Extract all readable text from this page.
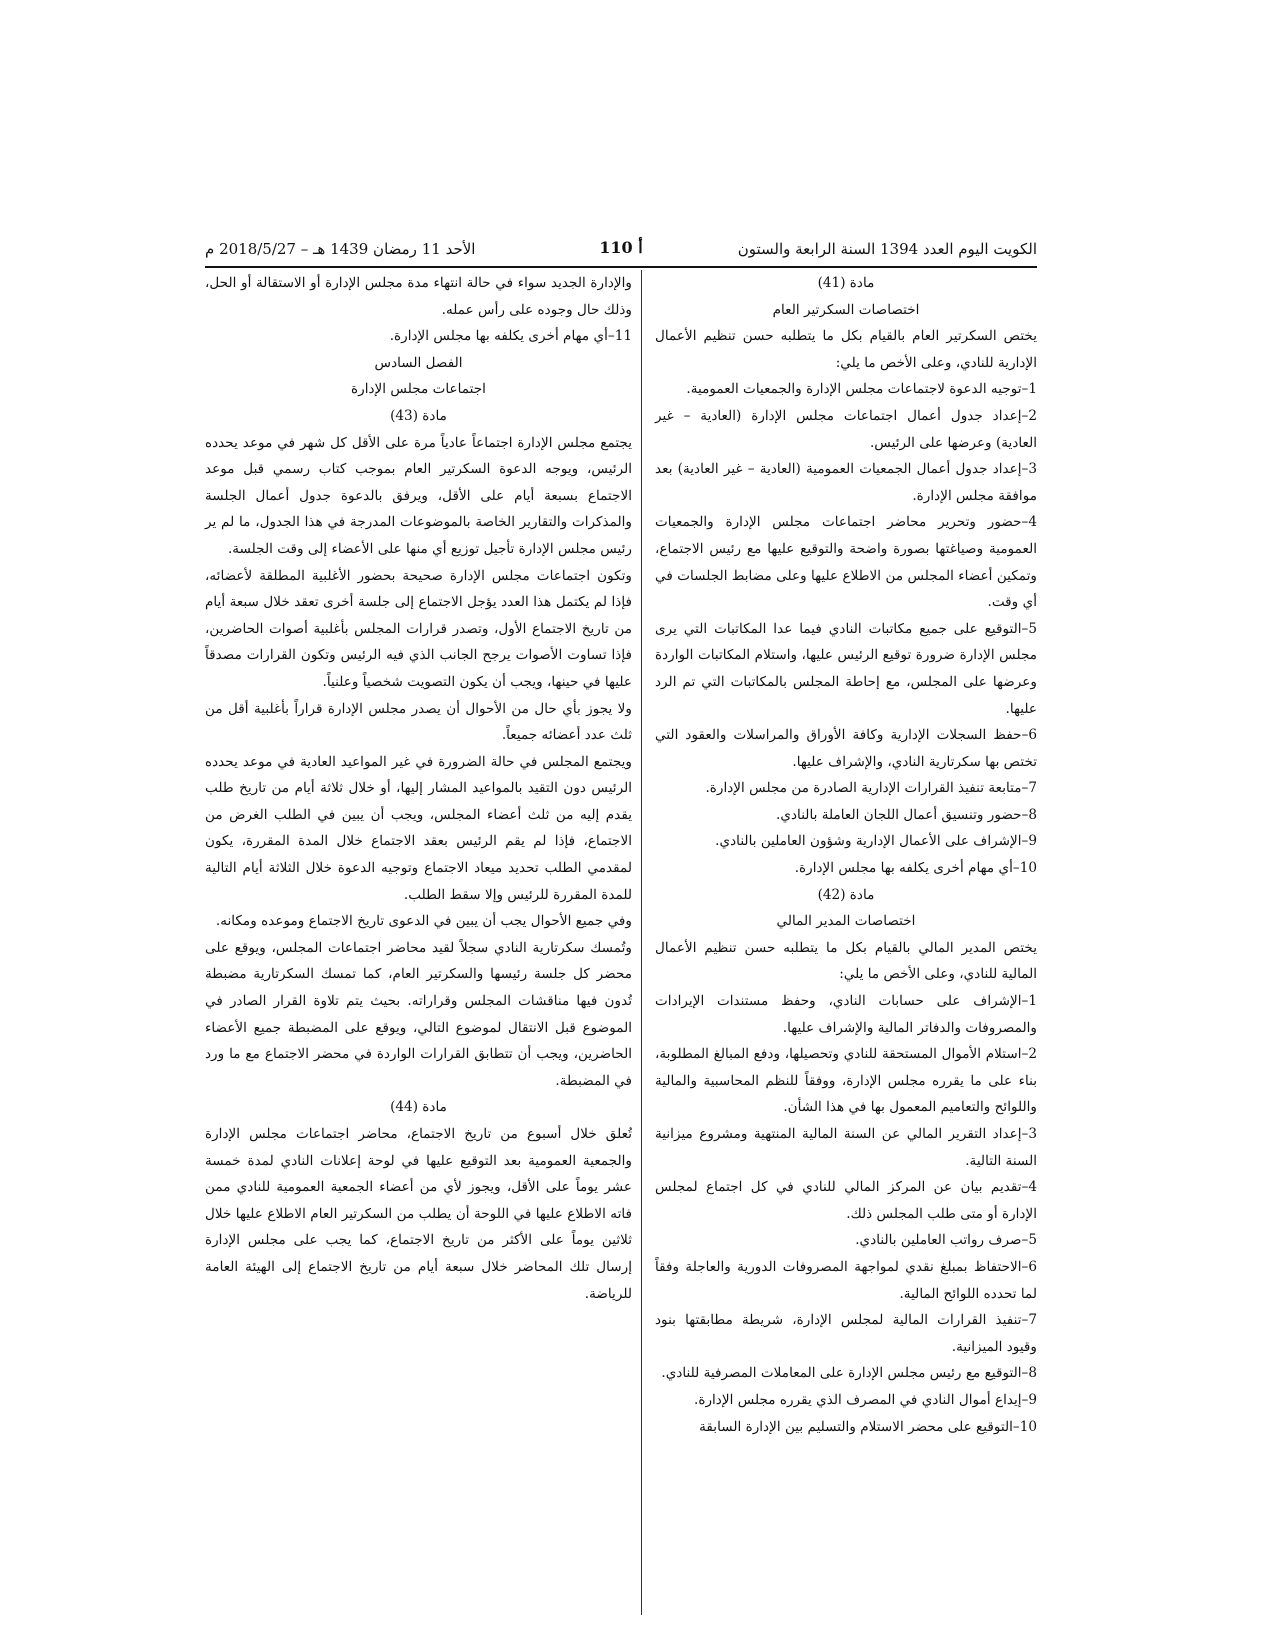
الكويت اليوم العدد 1394 السنة الرابعة والستون
أ 110
الأحد 11 رمضان 1439 هـ – 2018/5/27 م
مادة (41)
اختصاصات السكرتير العام

يختص السكرتير العام بالقيام بكل ما يتطلبه حسن تنظيم الأعمال الإدارية للنادي، وعلى الأخص ما يلي:

1–توجيه الدعوة لاجتماعات مجلس الإدارة والجمعيات العمومية.

2–إعداد جدول أعمال اجتماعات مجلس الإدارة (العادية – غير العادية) وعرضها على الرئيس.

3–إعداد جدول أعمال الجمعيات العمومية (العادية – غير العادية) بعد موافقة مجلس الإدارة.

4–حضور وتحرير محاضر اجتماعات مجلس الإدارة والجمعيات العمومية وصياغتها بصورة واضحة والتوقيع عليها مع رئيس الاجتماع، وتمكين أعضاء المجلس من الاطلاع عليها وعلى مضابط الجلسات في أي وقت.

5–التوقيع على جميع مكاتبات النادي فيما عدا المكاتبات التي يرى مجلس الإدارة ضرورة توقيع الرئيس عليها، واستلام المكاتبات الواردة وعرضها على المجلس، مع إحاطة المجلس بالمكاتبات التي تم الرد عليها.

6–حفظ السجلات الإدارية وكافة الأوراق والمراسلات والعقود التي تختص بها سكرتارية النادي، والإشراف عليها.

7–متابعة تنفيذ القرارات الإدارية الصادرة من مجلس الإدارة.

8–حضور وتنسيق أعمال اللجان العاملة بالنادي.

9–الإشراف على الأعمال الإدارية وشؤون العاملين بالنادي.

10–أي مهام أخرى يكلفه بها مجلس الإدارة.

مادة (42)
اختصاصات المدير المالي

يختص المدير المالي بالقيام بكل ما يتطلبه حسن تنظيم الأعمال المالية للنادي، وعلى الأخص ما يلي:

1–الإشراف على حسابات النادي، وحفظ مستندات الإيرادات والمصروفات والدفاتر المالية والإشراف عليها.

2–استلام الأموال المستحقة للنادي وتحصيلها، ودفع المبالغ المطلوبة، بناء على ما يقرره مجلس الإدارة، ووفقاً للنظم المحاسبية والمالية واللوائح والتعاميم المعمول بها في هذا الشأن.

3–إعداد التقرير المالي عن السنة المالية المنتهية ومشروع ميزانية السنة التالية.

4–تقديم بيان عن المركز المالي للنادي في كل اجتماع لمجلس الإدارة أو متى طلب المجلس ذلك.

5–صرف رواتب العاملين بالنادي.

6–الاحتفاظ بمبلغ نقدي لمواجهة المصروفات الدورية والعاجلة وفقاً لما تحدده اللوائح المالية.

7–تنفيذ القرارات المالية لمجلس الإدارة، شريطة مطابقتها بنود وقيود الميزانية.

8–التوقيع مع رئيس مجلس الإدارة على المعاملات المصرفية للنادي.

9–إيداع أموال النادي في المصرف الذي يقرره مجلس الإدارة.

10–التوقيع على محضر الاستلام والتسليم بين الإدارة السابقة

والإدارة الجديد سواء في حالة انتهاء مدة مجلس الإدارة أو الاستقالة أو الحل، وذلك حال وجوده على رأس عمله.

11–أي مهام أخرى يكلفه بها مجلس الإدارة.

الفصل السادس
اجتماعات مجلس الإدارة
مادة (43)

يجتمع مجلس الإدارة اجتماعاً عادياً مرة على الأقل كل شهر في موعد يحدده الرئيس، ويوجه الدعوة السكرتير العام بموجب كتاب رسمي قبل موعد الاجتماع بسبعة أيام على الأقل، ويرفق بالدعوة جدول أعمال الجلسة والمذكرات والتقارير الخاصة بالموضوعات المدرجة في هذا الجدول، ما لم ير رئيس مجلس الإدارة تأجيل توزيع أي منها على الأعضاء إلى وقت الجلسة.

وتكون اجتماعات مجلس الإدارة صحيحة بحضور الأغلبية المطلقة لأعضائه، فإذا لم يكتمل هذا العدد يؤجل الاجتماع إلى جلسة أخرى تعقد خلال سبعة أيام من تاريخ الاجتماع الأول، وتصدر قرارات المجلس بأغلبية أصوات الحاضرين، فإذا تساوت الأصوات يرجح الجانب الذي فيه الرئيس وتكون القرارات مصدقاً عليها في حينها، ويجب أن يكون التصويت شخصياً وعلنياً.

ولا يجوز بأي حال من الأحوال أن يصدر مجلس الإدارة قراراً بأغلبية أقل من ثلث عدد أعضائه جميعاً.

ويجتمع المجلس في حالة الضرورة في غير المواعيد العادية في موعد يحدده الرئيس دون التقيد بالمواعيد المشار إليها، أو خلال ثلاثة أيام من تاريخ طلب يقدم إليه من ثلث أعضاء المجلس، ويجب أن يبين في الطلب الغرض من الاجتماع، فإذا لم يقم الرئيس بعقد الاجتماع خلال المدة المقررة، يكون لمقدمي الطلب تحديد ميعاد الاجتماع وتوجيه الدعوة خلال الثلاثة أيام التالية للمدة المقررة للرئيس وإلا سقط الطلب.

وفي جميع الأحوال يجب أن يبين في الدعوى تاريخ الاجتماع وموعده ومكانه.

وتُمسك سكرتارية النادي سجلاً لقيد محاضر اجتماعات المجلس، ويوقع على محضر كل جلسة رئيسها والسكرتير العام، كما تمسك السكرتارية مضبطة تُدون فيها مناقشات المجلس وقراراته. بحيث يتم تلاوة القرار الصادر في الموضوع قبل الانتقال لموضوع التالي، ويوقع على المضبطة جميع الأعضاء الحاضرين، ويجب أن تتطابق القرارات الواردة في محضر الاجتماع مع ما ورد في المضبطة.

مادة (44)

تُعلق خلال أسبوع من تاريخ الاجتماع، محاضر اجتماعات مجلس الإدارة والجمعية العمومية بعد التوقيع عليها في لوحة إعلانات النادي لمدة خمسة عشر يوماً على الأقل، ويجوز لأي من أعضاء الجمعية العمومية للنادي ممن فاته الاطلاع عليها في اللوحة أن يطلب من السكرتير العام الاطلاع عليها خلال ثلاثين يوماً على الأكثر من تاريخ الاجتماع، كما يجب على مجلس الإدارة إرسال تلك المحاضر خلال سبعة أيام من تاريخ الاجتماع إلى الهيئة العامة للرياضة.
